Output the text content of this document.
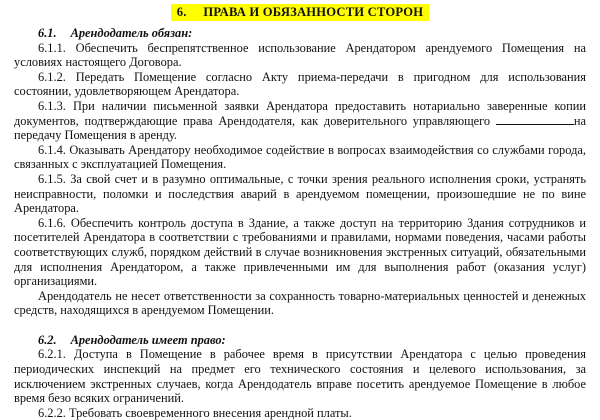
6.     ПРАВА И ОБЯЗАННОСТИ СТОРОН
6.1. Арендодатель обязан:

6.1.1. Обеспечить беспрепятственное использование Арендатором арендуемого Помещения на условиях настоящего Договора.

6.1.2. Передать Помещение согласно Акту приема-передачи в пригодном для использования состоянии, удовлетворяющем Арендатора.

6.1.3. При наличии письменной заявки Арендатора предоставить нотариально заверенные копии документов, подтверждающие права Арендодателя, как доверительного управляющего	на передачу Помещения в аренду.

6.1.4. Оказывать Арендатору необходимое содействие в вопросах взаимодействия со службами города, связанных с эксплуатацией Помещения.

6.1.5. За свой счет и в разумно оптимальные, с точки зрения реального исполнения сроки, устранять неисправности, поломки и последствия аварий в арендуемом помещении, произошедшие не по вине Арендатора.

6.1.6. Обеспечить контроль доступа в Здание, а также доступ на территорию Здания сотрудников и посетителей Арендатора в соответствии с требованиями и правилами, нормами поведения, часами работы соответствующих служб, порядком действий в случае возникновения экстренных ситуаций, обязательными для исполнения Арендатором, а также привлеченными им для выполнения работ (оказания услуг) организациями.

Арендодатель не несет ответственности за сохранность товарно-материальных ценностей и денежных средств, находящихся в арендуемом Помещении.

6.2. Арендодатель имеет право:

6.2.1. Доступа в Помещение в рабочее время в присутствии Арендатора с целью проведения периодических инспекций на предмет его технического состояния и целевого использования, за исключением экстренных случаев, когда Арендодатель вправе посетить арендуемое Помещение в любое время безо всяких ограничений.

6.2.2. Требовать своевременного внесения арендной платы.
